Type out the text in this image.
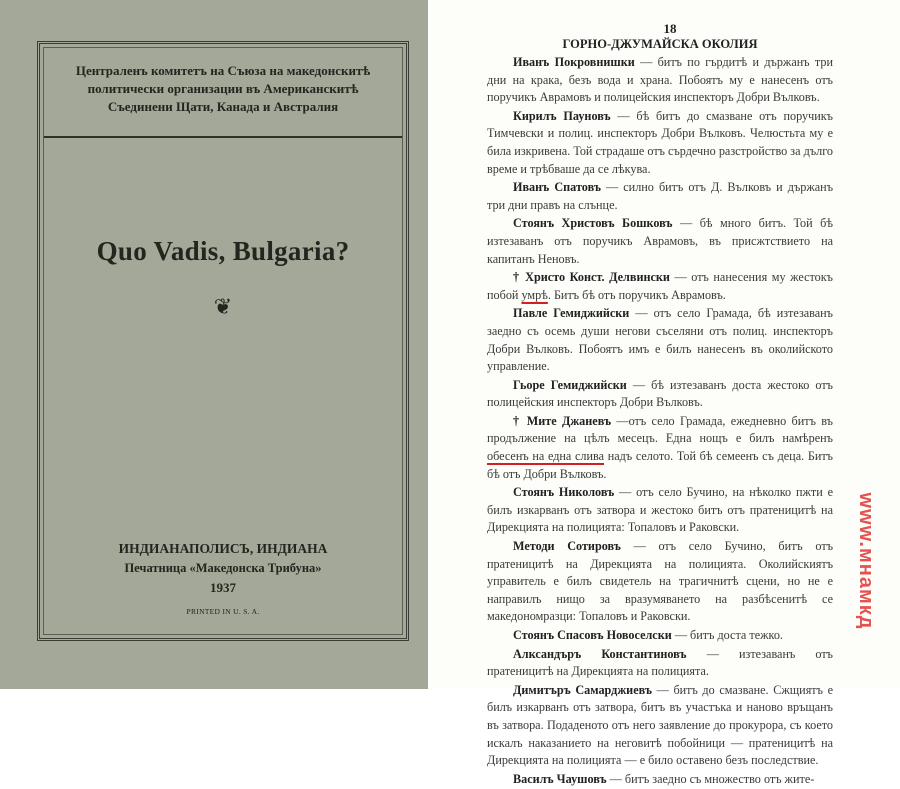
Централенъ комитетъ на Съюза на македонскитѣ политически организации въ Американскитѣ Съединени Щати, Канада и Австралия
Quo Vadis, Bulgaria?
❦
ИНДИАНАПОЛИСЪ, ИНДИАНА
Печатница «Македонска Трибуна»
1937
PRINTED IN U. S. A.
18
ГОРНО-ДЖУМАЙСКА ОКОЛИЯ

Иванъ Покровнишки — битъ по гърдитѣ и държанъ три дни на крака, безъ вода и храна. Побоятъ му е нанесенъ отъ поручикъ Аврамовъ и полицейския инспекторъ Добри Вълковъ.

Кирилъ Пауновъ — бѣ битъ до смазване отъ поручикъ Тимчевски и полиц. инспекторъ Добри Вълковъ. Челюстьта му е била изкривена. Той страдаше отъ сърдечно разстройство за дълго време и трѣбваше да се лѣкува.

Иванъ Спатовъ — силно битъ отъ Д. Вълковъ и държанъ три дни правъ на слънце.

Стоянъ Христовъ Бошковъ — бѣ много битъ. Той бѣ изтезаванъ отъ поручикъ Аврамовъ, въ присжтствието на капитанъ Неновъ.

† Христо Конст. Делвински — отъ нанесения му жестокъ побой умрѣ. Битъ бѣ отъ поручикъ Аврамовъ.

Павле Гемиджийски — отъ село Грамада, бѣ изтезаванъ заедно съ осемь души негови съселяни отъ полиц. инспекторъ Добри Вълковъ. Побоятъ имъ е билъ нанесенъ въ околийското управление.

Гьоре Гемиджийски — бѣ изтезаванъ доста жестоко отъ полицейския инспекторъ Добри Вълковъ.

† Мите Джаневъ —отъ село Грамада, ежедневно битъ въ продължение на цѣлъ месецъ. Една нощъ е билъ намѣренъ обесенъ на една слива надъ селото. Той бѣ семеенъ съ деца. Битъ бѣ отъ Добри Вълковъ.

Стоянъ Николовъ — отъ село Бучино, на нѣколко пжти е билъ изкарванъ отъ затвора и жестоко битъ отъ пратеницитѣ на Дирекцията на полицията: Топаловъ и Раковски.

Методи Сотировъ — отъ село Бучино, битъ отъ пратеницитѣ на Дирекцията на полицията. Околийскиятъ управитель е билъ свидетель на трагичнитѣ сцени, но не е направилъ нищо за вразумяването на разбѣсенитѣ се македономразци: Топаловъ и Раковски.

Стоянъ Спасовъ Новоселски — битъ доста тежко.

Алксандъръ Константиновъ — изтезаванъ отъ пратеницитѣ на Дирекцията на полицията.

Димитъръ Самарджиевъ — битъ до смазване. Сжщиятъ е билъ изкарванъ отъ затвора, битъ въ участъка и наново връщанъ въ затвора. Подаденото отъ него заявление до прокурора, съ което искалъ наказанието на неговитѣ побойници — пратеницитѣ на Дирекцията на полицията — е било оставено безъ последствие.

Василъ Чаушовъ — битъ заедно съ множество отъ жите-

www.мнамкд
